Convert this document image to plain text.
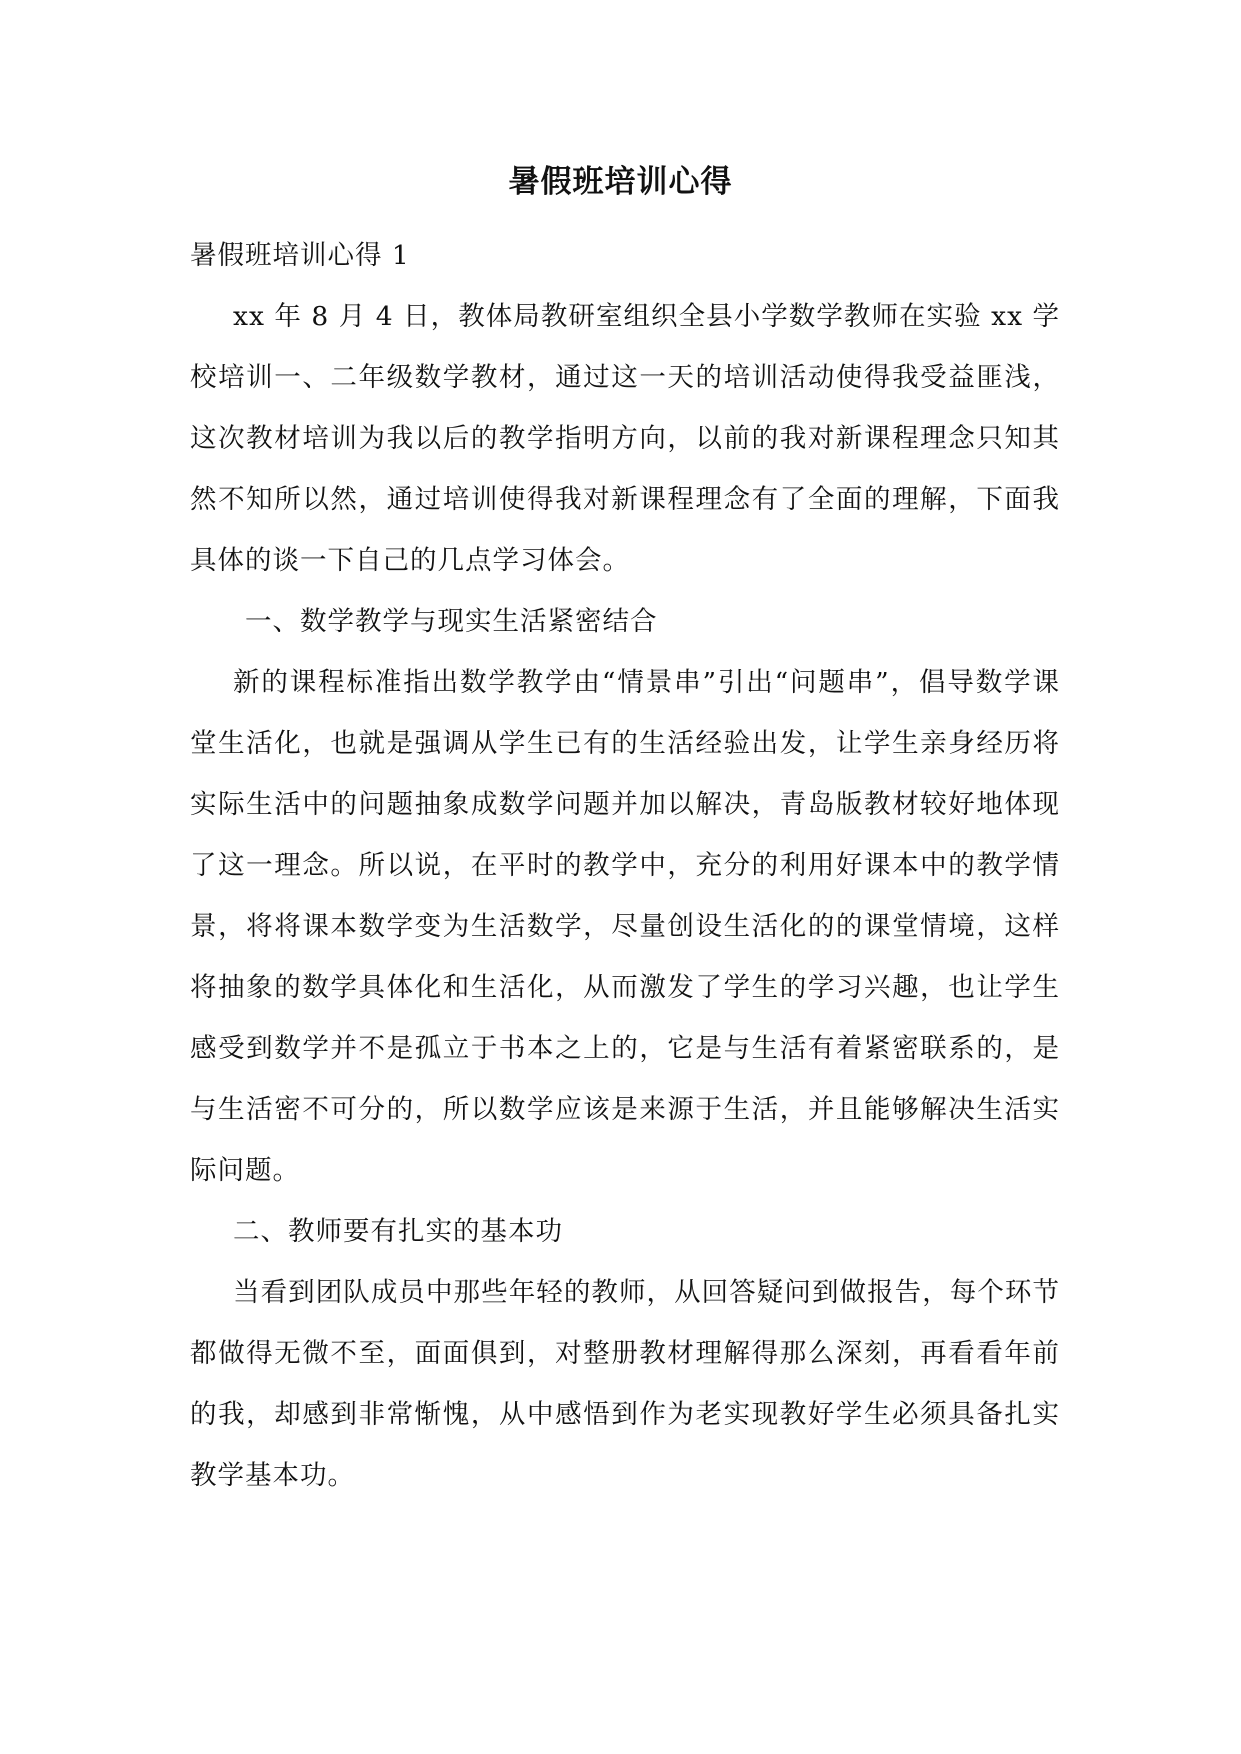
暑假班培训心得

暑假班培训心得 1

xx 年 8 月 4 日，教体局教研室组织全县小学数学教师在实验 xx 学校培训一、二年级数学教材，通过这一天的培训活动使得我受益匪浅，这次教材培训为我以后的教学指明方向，以前的我对新课程理念只知其然不知所以然，通过培训使得我对新课程理念有了全面的理解，下面我具体的谈一下自己的几点学习体会。

一、数学教学与现实生活紧密结合

新的课程标准指出数学教学由“情景串”引出“问题串”，倡导数学课堂生活化，也就是强调从学生已有的生活经验出发，让学生亲身经历将实际生活中的问题抽象成数学问题并加以解决，青岛版教材较好地体现了这一理念。所以说，在平时的教学中，充分的利用好课本中的教学情景，将将课本数学变为生活数学，尽量创设生活化的的课堂情境，这样将抽象的数学具体化和生活化，从而激发了学生的学习兴趣，也让学生感受到数学并不是孤立于书本之上的，它是与生活有着紧密联系的，是与生活密不可分的，所以数学应该是来源于生活，并且能够解决生活实际问题。

二、教师要有扎实的基本功

当看到团队成员中那些年轻的教师，从回答疑问到做报告，每个环节都做得无微不至，面面俱到，对整册教材理解得那么深刻，再看看年前的我，却感到非常惭愧，从中感悟到作为老实现教好学生必须具备扎实教学基本功。
